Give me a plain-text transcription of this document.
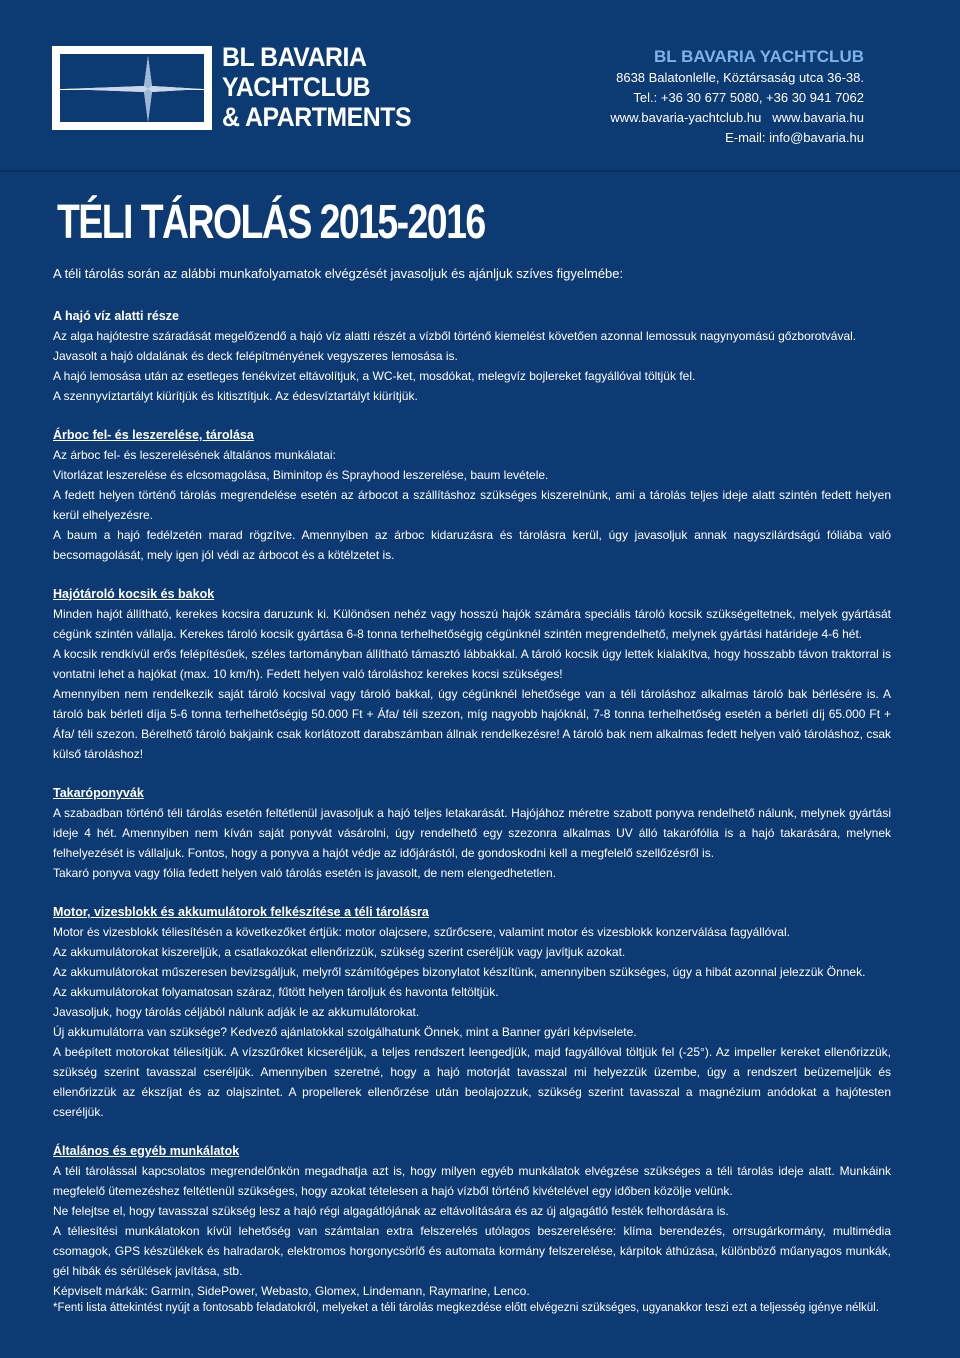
BL BAVARIA
YACHTCLUB
& APARTMENTS
BL BAVARIA YACHTCLUB
8638 Balatonlelle, Köztársaság utca 36-38.
Tel.: +36 30 677 5080, +36 30 941 7062
www.bavaria-yachtclub.hu www.bavaria.hu
E-mail: info@bavaria.hu
TÉLI TÁROLÁS 2015-2016
A téli tárolás során az alábbi munkafolyamatok elvégzését javasoljuk és ajánljuk szíves figyelmébe:
A hajó víz alatti része

Az alga hajótestre száradását megelőzendő a hajó víz alatti részét a vízből történő kiemelést követően azonnal lemossuk nagynyomású gőzborotvával.

Javasolt a hajó oldalának és deck felépítményének vegyszeres lemosása is.

A hajó lemosása után az esetleges fenékvizet eltávolítjuk, a WC-ket, mosdókat, melegvíz bojlereket fagyállóval töltjük fel.

A szennyvíztartályt kiürítjük és kitisztítjuk. Az édesvíztartályt kiürítjük.

Árboc fel- és leszerelése, tárolása

Az árboc fel- és leszerelésének általános munkálatai:

Vitorlázat leszerelése és elcsomagolása, Biminitop és Sprayhood leszerelése, baum levétele.

A fedett helyen történő tárolás megrendelése esetén az árbocot a szállításhoz szükséges kiszerelnünk, ami a tárolás teljes ideje alatt szintén fedett helyen kerül elhelyezésre.

A baum a hajó fedélzetén marad rögzítve. Amennyiben az árboc kidaruzásra és tárolásra kerül, úgy javasoljuk annak nagyszilárdságú fóliába való becsomagolását, mely igen jól védi az árbocot és a kötélzetet is.

Hajótároló kocsik és bakok

Minden hajót állítható, kerekes kocsira daruzunk ki. Különösen nehéz vagy hosszú hajók számára speciális tároló kocsik szükségeltetnek, melyek gyártását cégünk szintén vállalja. Kerekes tároló kocsik gyártása 6-8 tonna terhelhetőségig cégünknél szintén megrendelhető, melynek gyártási határideje 4-6 hét.

A kocsik rendkívül erős felépítésűek, széles tartományban állítható támasztó lábbakkal. A tároló kocsik úgy lettek kialakítva, hogy hosszabb távon traktorral is vontatni lehet a hajókat (max. 10 km/h). Fedett helyen való tároláshoz kerekes kocsi szükséges!

Amennyiben nem rendelkezik saját tároló kocsival vagy tároló bakkal, úgy cégünknél lehetősége van a téli tároláshoz alkalmas tároló bak bérlésére is. A tároló bak bérleti díja 5-6 tonna terhelhetőségig 50.000 Ft + Áfa/ téli szezon, míg nagyobb hajóknál, 7-8 tonna terhelhetőség esetén a bérleti díj 65.000 Ft + Áfa/ téli szezon. Bérelhető tároló bakjaink csak korlátozott darabszámban állnak rendelkezésre! A tároló bak nem alkalmas fedett helyen való tároláshoz, csak külső tároláshoz!

Takaróponyvák

A szabadban történő téli tárolás esetén feltétlenül javasoljuk a hajó teljes letakarását. Hajójához méretre szabott ponyva rendelhető nálunk, melynek gyártási ideje 4 hét. Amennyiben nem kíván saját ponyvát vásárolni, úgy rendelhető egy szezonra alkalmas UV álló takarófólia is a hajó takarására, melynek felhelyezését is vállaljuk. Fontos, hogy a ponyva a hajót védje az időjárástól, de gondoskodni kell a megfelelő szellőzésről is.

Takaró ponyva vagy fólia fedett helyen való tárolás esetén is javasolt, de nem elengedhetetlen.

Motor, vizesblokk és akkumulátorok felkészítése a téli tárolásra

Motor és vizesblokk téliesítésén a következőket értjük: motor olajcsere, szűrőcsere, valamint motor és vizesblokk konzerválása fagyállóval.

Az akkumulátorokat kiszereljük, a csatlakozókat ellenőrizzük, szükség szerint cseréljük vagy javítjuk azokat.

Az akkumulátorokat műszeresen bevizsgáljuk, melyről számítógépes bizonylatot készítünk, amennyiben szükséges, úgy a hibát azonnal jelezzük Önnek.

Az akkumulátorokat folyamatosan száraz, fűtött helyen tároljuk és havonta feltöltjük.

Javasoljuk, hogy tárolás céljából nálunk adják le az akkumulátorokat.

Új akkumulátorra van szüksége? Kedvező ajánlatokkal szolgálhatunk Önnek, mint a Banner gyári képviselete.

A beépített motorokat téliesítjük. A vízszűrőket kicseréljük, a teljes rendszert leengedjük, majd fagyállóval töltjük fel (-25°). Az impeller kereket ellenőrizzük, szükség szerint tavasszal cseréljük. Amennyiben szeretné, hogy a hajó motorját tavasszal mi helyezzük üzembe, úgy a rendszert beüzemeljük és ellenőrizzük az ékszíjat és az olajszintet. A propellerek ellenőrzése után beolajozzuk, szükség szerint tavasszal a magnézium anódokat a hajótesten cseréljük.

Általános és egyéb munkálatok

A téli tárolással kapcsolatos megrendelőnkön megadhatja azt is, hogy milyen egyéb munkálatok elvégzése szükséges a téli tárolás ideje alatt. Munkáink megfelelő ütemezéshez feltétlenül szükséges, hogy azokat tételesen a hajó vízből történő kivételével egy időben közölje velünk.

Ne felejtse el, hogy tavasszal szükség lesz a hajó régi algagátlójának az eltávolítására és az új algagátló festék felhordására is.

A téliesítési munkálatokon kívül lehetőség van számtalan extra felszerelés utólagos beszerelésére: klíma berendezés, orrsugárkormány, multimédia csomagok, GPS készülékek és halradarok, elektromos horgonycsörlő és automata kormány felszerelése, kárpitok áthúzása, különböző műanyagos munkák, gél hibák és sérülések javítása, stb.

Képviselt márkák: Garmin, SidePower, Webasto, Glomex, Lindemann, Raymarine, Lenco.

*Fenti lista áttekintést nyújt a fontosabb feladatokról, melyeket a téli tárolás megkezdése előtt elvégezni szükséges, ugyanakkor teszi ezt a teljesség igénye nélkül.
